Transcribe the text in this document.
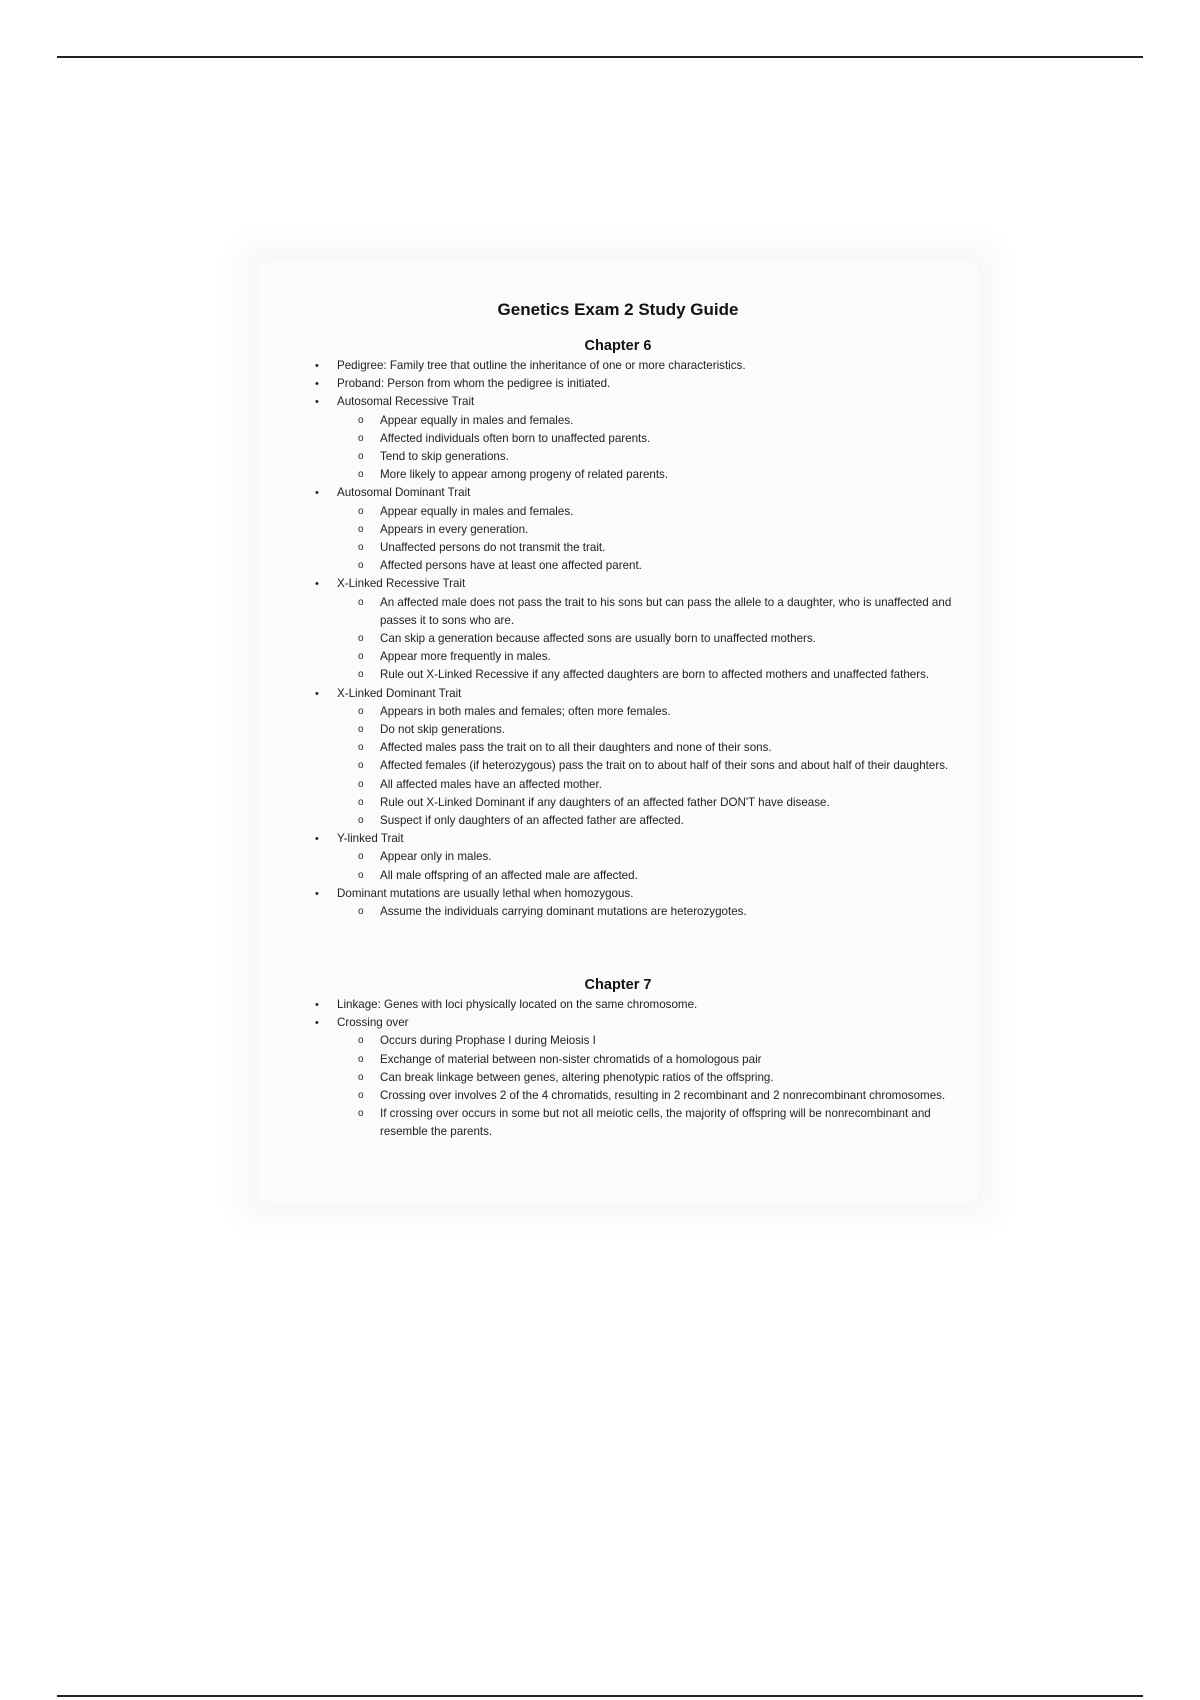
Genetics Exam 2 Study Guide
Chapter 6
• Pedigree: Family tree that outline the inheritance of one or more characteristics.
• Proband: Person from whom the pedigree is initiated.
• Autosomal Recessive Trait
o Appear equally in males and females.
o Affected individuals often born to unaffected parents.
o Tend to skip generations.
o More likely to appear among progeny of related parents.
• Autosomal Dominant Trait
o Appear equally in males and females.
o Appears in every generation.
o Unaffected persons do not transmit the trait.
o Affected persons have at least one affected parent.
• X-Linked Recessive Trait
o An affected male does not pass the trait to his sons but can pass the allele to a daughter, who is unaffected and passes it to sons who are.
o Can skip a generation because affected sons are usually born to unaffected mothers.
o Appear more frequently in males.
o Rule out X-Linked Recessive if any affected daughters are born to affected mothers and unaffected fathers.
• X-Linked Dominant Trait
o Appears in both males and females; often more females.
o Do not skip generations.
o Affected males pass the trait on to all their daughters and none of their sons.
o Affected females (if heterozygous) pass the trait on to about half of their sons and about half of their daughters.
o All affected males have an affected mother.
o Rule out X-Linked Dominant if any daughters of an affected father DON'T have disease.
o Suspect if only daughters of an affected father are affected.
• Y-linked Trait
o Appear only in males.
o All male offspring of an affected male are affected.
• Dominant mutations are usually lethal when homozygous.
o Assume the individuals carrying dominant mutations are heterozygotes.
Chapter 7
• Linkage: Genes with loci physically located on the same chromosome.
• Crossing over
o Occurs during Prophase I during Meiosis I
o Exchange of material between non-sister chromatids of a homologous pair
o Can break linkage between genes, altering phenotypic ratios of the offspring.
o Crossing over involves 2 of the 4 chromatids, resulting in 2 recombinant and 2 nonrecombinant chromosomes.
o If crossing over occurs in some but not all meiotic cells, the majority of offspring will be nonrecombinant and resemble the parents.
